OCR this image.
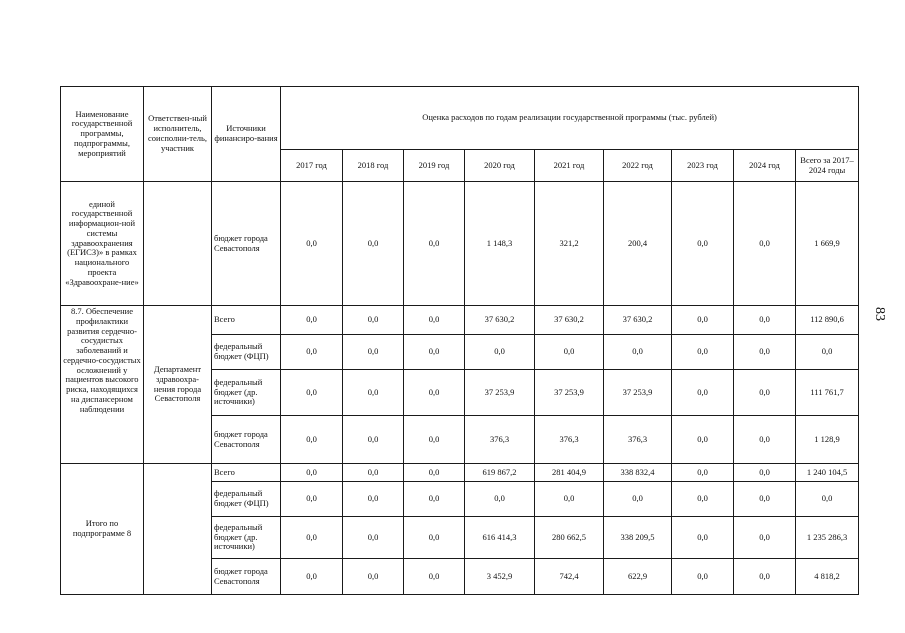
83
Наименование государственной программы, подпрограммы, мероприятий	Ответствен-ный исполнитель, соисполни-тель, участник	Источники финансиро-вания	Оценка расходов по годам реализации государственной программы (тыс. рублей)								
			2017 год	2018 год	2019 год	2020 год	2021 год	2022 год	2023 год	2024 год	Всего за 2017–2024 годы
единой государственной информацион-ной системы здравоохранения (ЕГИСЗ)» в рамках национального проекта «Здравоохране-ние»		бюджет города Севастополя	0,0	0,0	0,0	1 148,3	321,2	200,4	0,0	0,0	1 669,9
8.7. Обеспечение профилактики развития сердечно-сосудистых заболеваний и сердечно-сосудистых осложнений у пациентов высокого риска, находящихся на диспансерном наблюдении	Департамент здравоохра-нения города Севастополя	Всего	0,0	0,0	0,0	37 630,2	37 630,2	37 630,2	0,0	0,0	112 890,6
		федеральный бюджет (ФЦП)	0,0	0,0	0,0	0,0	0,0	0,0	0,0	0,0	0,0
		федеральный бюджет (др. источники)	0,0	0,0	0,0	37 253,9	37 253,9	37 253,9	0,0	0,0	111 761,7
		бюджет города Севастополя	0,0	0,0	0,0	376,3	376,3	376,3	0,0	0,0	1 128,9
Итого по подпрограмме 8		Всего	0,0	0,0	0,0	619 867,2	281 404,9	338 832,4	0,0	0,0	1 240 104,5
		федеральный бюджет (ФЦП)	0,0	0,0	0,0	0,0	0,0	0,0	0,0	0,0	0,0
		федеральный бюджет (др. источники)	0,0	0,0	0,0	616 414,3	280 662,5	338 209,5	0,0	0,0	1 235 286,3
		бюджет города Севастополя	0,0	0,0	0,0	3 452,9	742,4	622,9	0,0	0,0	4 818,2
